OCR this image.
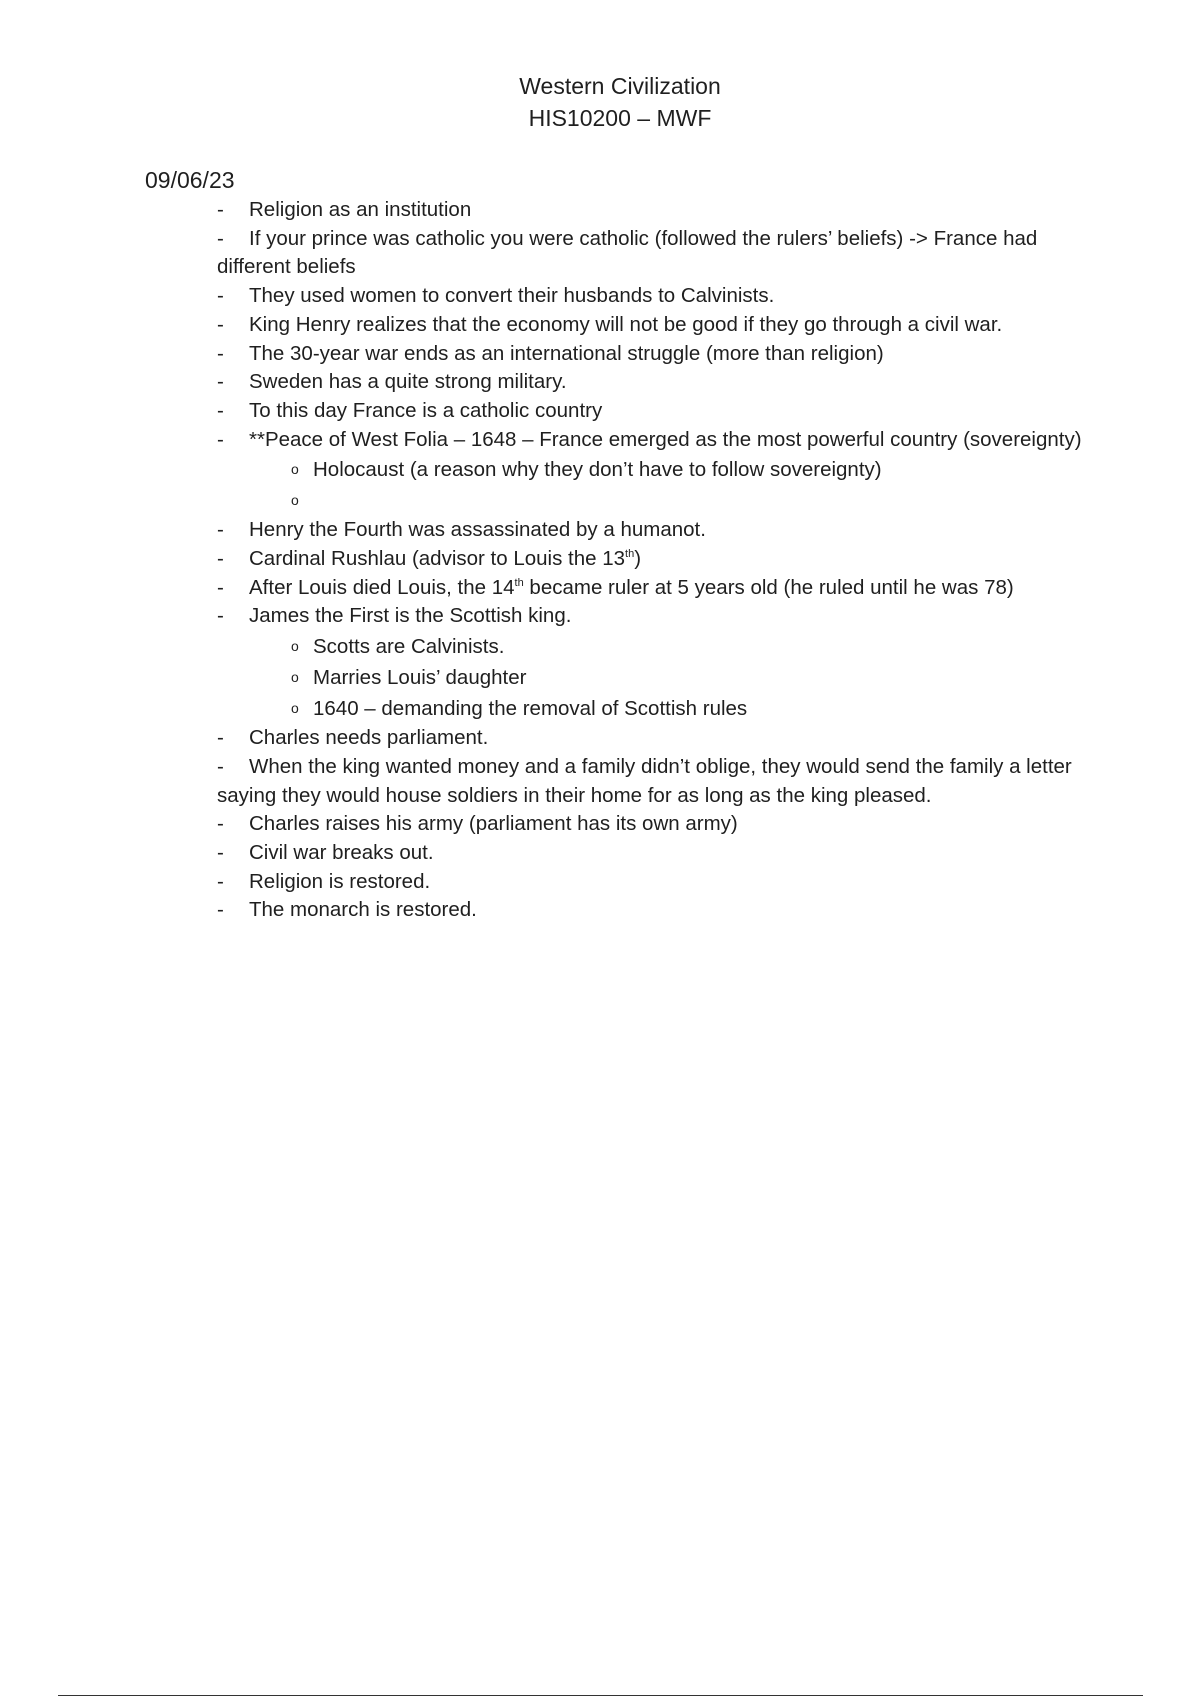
Western Civilization
HIS10200 – MWF
09/06/23
- Religion as an institution
- If your prince was catholic you were catholic (followed the rulers’ beliefs) -> France had different beliefs
- They used women to convert their husbands to Calvinists.
- King Henry realizes that the economy will not be good if they go through a civil war.
- The 30-year war ends as an international struggle (more than religion)
- Sweden has a quite strong military.
- To this day France is a catholic country
- **Peace of West Folia – 1648 – France emerged as the most powerful country (sovereignty)
o Holocaust (a reason why they don’t have to follow sovereignty)
o
- Henry the Fourth was assassinated by a humanot.
- Cardinal Rushlau (advisor to Louis the 13th)
- After Louis died Louis, the 14th became ruler at 5 years old (he ruled until he was 78)
- James the First is the Scottish king.
o Scotts are Calvinists.
o Marries Louis’ daughter
o 1640 – demanding the removal of Scottish rules
- Charles needs parliament.
- When the king wanted money and a family didn’t oblige, they would send the family a letter saying they would house soldiers in their home for as long as the king pleased.
- Charles raises his army (parliament has its own army)
- Civil war breaks out.
- Religion is restored.
- The monarch is restored.
